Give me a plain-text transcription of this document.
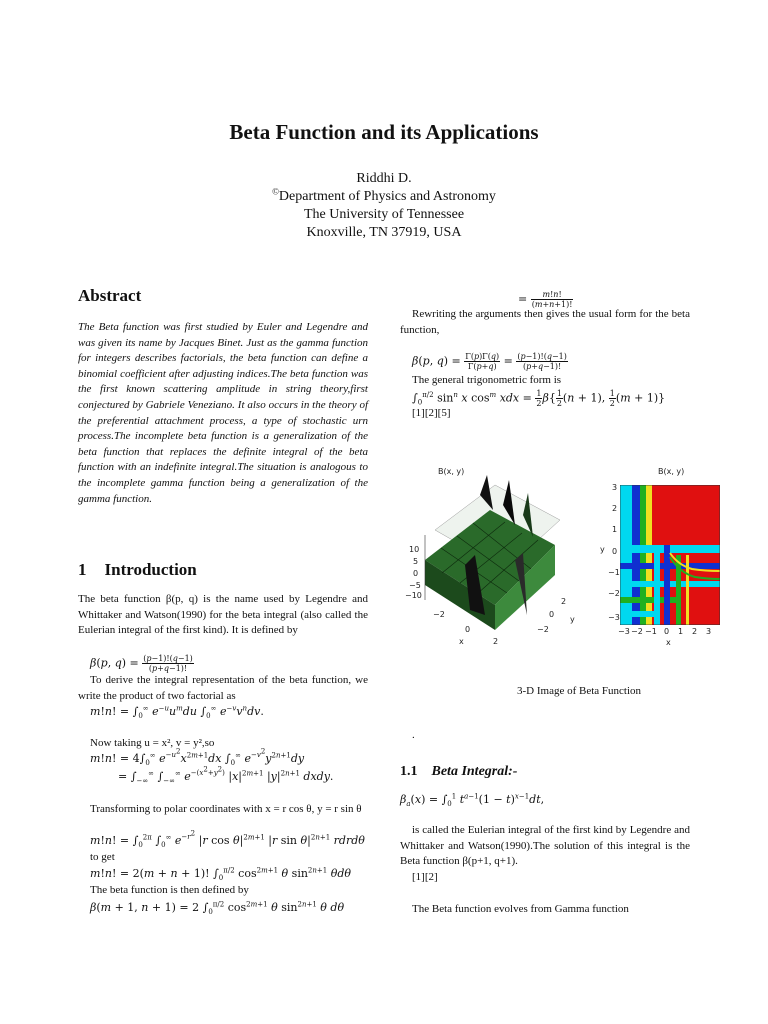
Beta Function and its Applications
Riddhi D.
©Department of Physics and Astronomy
The University of Tennessee
Knoxville, TN 37919, USA
Abstract
The Beta function was first studied by Euler and Legendre and was given its name by Jacques Binet. Just as the gamma function for integers describes factorials, the beta function can define a binomial coefficient after adjusting indices.The beta function was the first known scattering amplitude in string theory,first conjectured by Gabriele Veneziano. It also occurs in the theory of the preferential attachment process, a type of stochastic urn process.The incomplete beta function is a generalization of the beta function that replaces the definite integral of the beta function with an indefinite integral.The situation is analogous to the incomplete gamma function being a generalization of the gamma function.
1 Introduction
The beta function β(p, q) is the name used by Legendre and Whittaker and Watson(1990) for the beta integral (also called the Eulerian integral of the first kind). It is defined by
β(p, $q) = \frac{(p-1)!(q-1)}{(p+q-1)!}$
To derive the integral representation of the beta function, we write the product of two factorial as
m!n! = $\int_0^\infty$ $e^{-u}u^mdu$ $\int_0^\infty$ $e^{-v}v^ndv$.
Now taking u = x², v = y²,so
m!n! = $4\int_0^\infty$ $e^{-u^2}x^{2m+1}dx$ $\int_0^\infty$ $e^{-v^2}y^{2n+1}dy$
= $\int_{-\infty}^\infty$ $\int_{-\infty}^\infty$ $e^{-(x^2+y^2)}$ $|x|^{2m+1}$ $|y|^{2n+1}$ dxdy.
Transforming to polar coordinates with x = r cos θ, y = r sin θ
m!n! = $\int_0^{2\pi}$ $\int_0^\infty$ $e^{-r^2}$ |r $\cos \theta|^{2m+1}$ |r $\sin \theta|^{2n+1}$ rdrdθ
to get
m!n! = 2(m + n + 1)! $\int_0^{\pi/2}$ $\cos^{2m+1} \theta$ $\sin^{2n+1} \theta d\theta$
The beta function is then defined by
β(m + 1, n + 1) = 2 $\int_0^{\pi/2}$ $\cos^{2m+1} \theta$ $\sin^{2n+1} \theta$ dθ
= $\frac{m!n!}{(m+n+1)!}$
Rewriting the arguments then gives the usual form for the beta function,
β(p, $q) = \frac{\Gamma(p)\Gamma(q)}{\Gamma(p+q)} = \frac{(p-1)!(q-1)}{(p+q-1)!}$
The general trigonometric form is
$\int_0^{\pi/2}$ $\sin^n x$ $\cos^m$ xdx = $\frac{1}{2} \beta\{ \frac{1}{2} (n + 1)$, $\frac{1}{2} (m + 1)$}
[1][2][5]
B(x, y)
10
5
0
−5
−10
−2
0
2
x
−2
0
2
y
B(x, y)
3
2
1
0
−1
−2
−3
y
−3 −2 −1 0 1 2 3
x
3-D Image of Beta Function
.
1.1 Beta Integral:-
$\beta_a(x) = \int_0^1$ $t^{a-1}(1 - t)^{x-1}dt$,
is called the Eulerian integral of the first kind by Legendre and Whittaker and Watson(1990).The solution of this integral is the Beta function β(p+1, q+1).
[1][2]
The Beta function evolves from Gamma function
